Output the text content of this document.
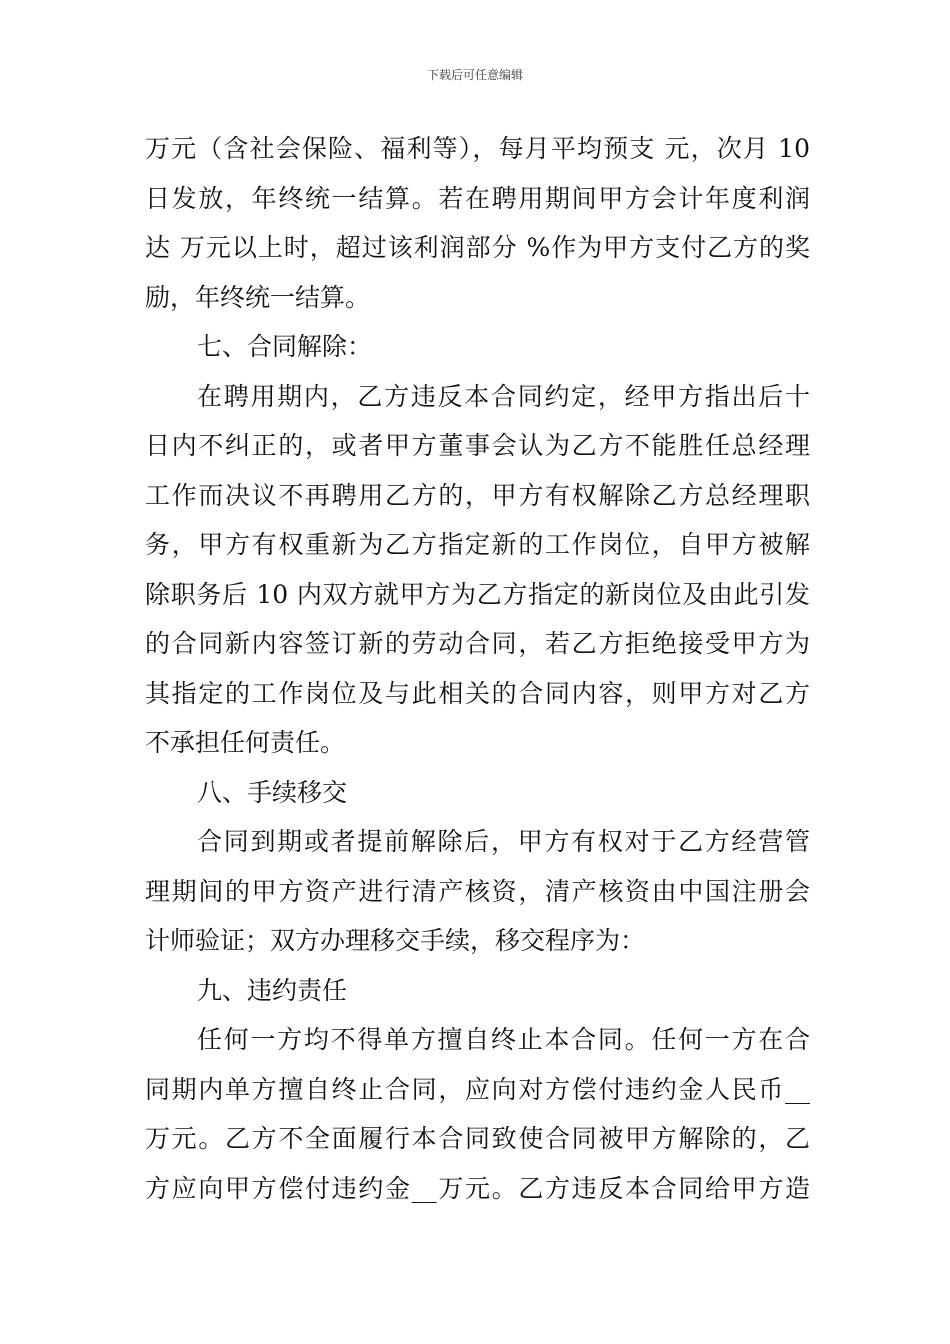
下载后可任意编辑
万元（含社会保险、福利等），每月平均预支 元，次月 10
日发放，年终统一结算。若在聘用期间甲方会计年度利润
达 万元以上时，超过该利润部分 %作为甲方支付乙方的奖
励，年终统一结算。
七、合同解除：
在聘用期内，乙方违反本合同约定，经甲方指出后十
日内不纠正的，或者甲方董事会认为乙方不能胜任总经理
工作而决议不再聘用乙方的，甲方有权解除乙方总经理职
务，甲方有权重新为乙方指定新的工作岗位，自甲方被解
除职务后 10 内双方就甲方为乙方指定的新岗位及由此引发
的合同新内容签订新的劳动合同，若乙方拒绝接受甲方为
其指定的工作岗位及与此相关的合同内容，则甲方对乙方
不承担任何责任。
八、手续移交
合同到期或者提前解除后，甲方有权对于乙方经营管
理期间的甲方资产进行清产核资，清产核资由中国注册会
计师验证；双方办理移交手续，移交程序为：
九、违约责任
任何一方均不得单方擅自终止本合同。任何一方在合
同期内单方擅自终止合同，应向对方偿付违约金人民币__
万元。乙方不全面履行本合同致使合同被甲方解除的，乙
方应向甲方偿付违约金__万元。乙方违反本合同给甲方造
